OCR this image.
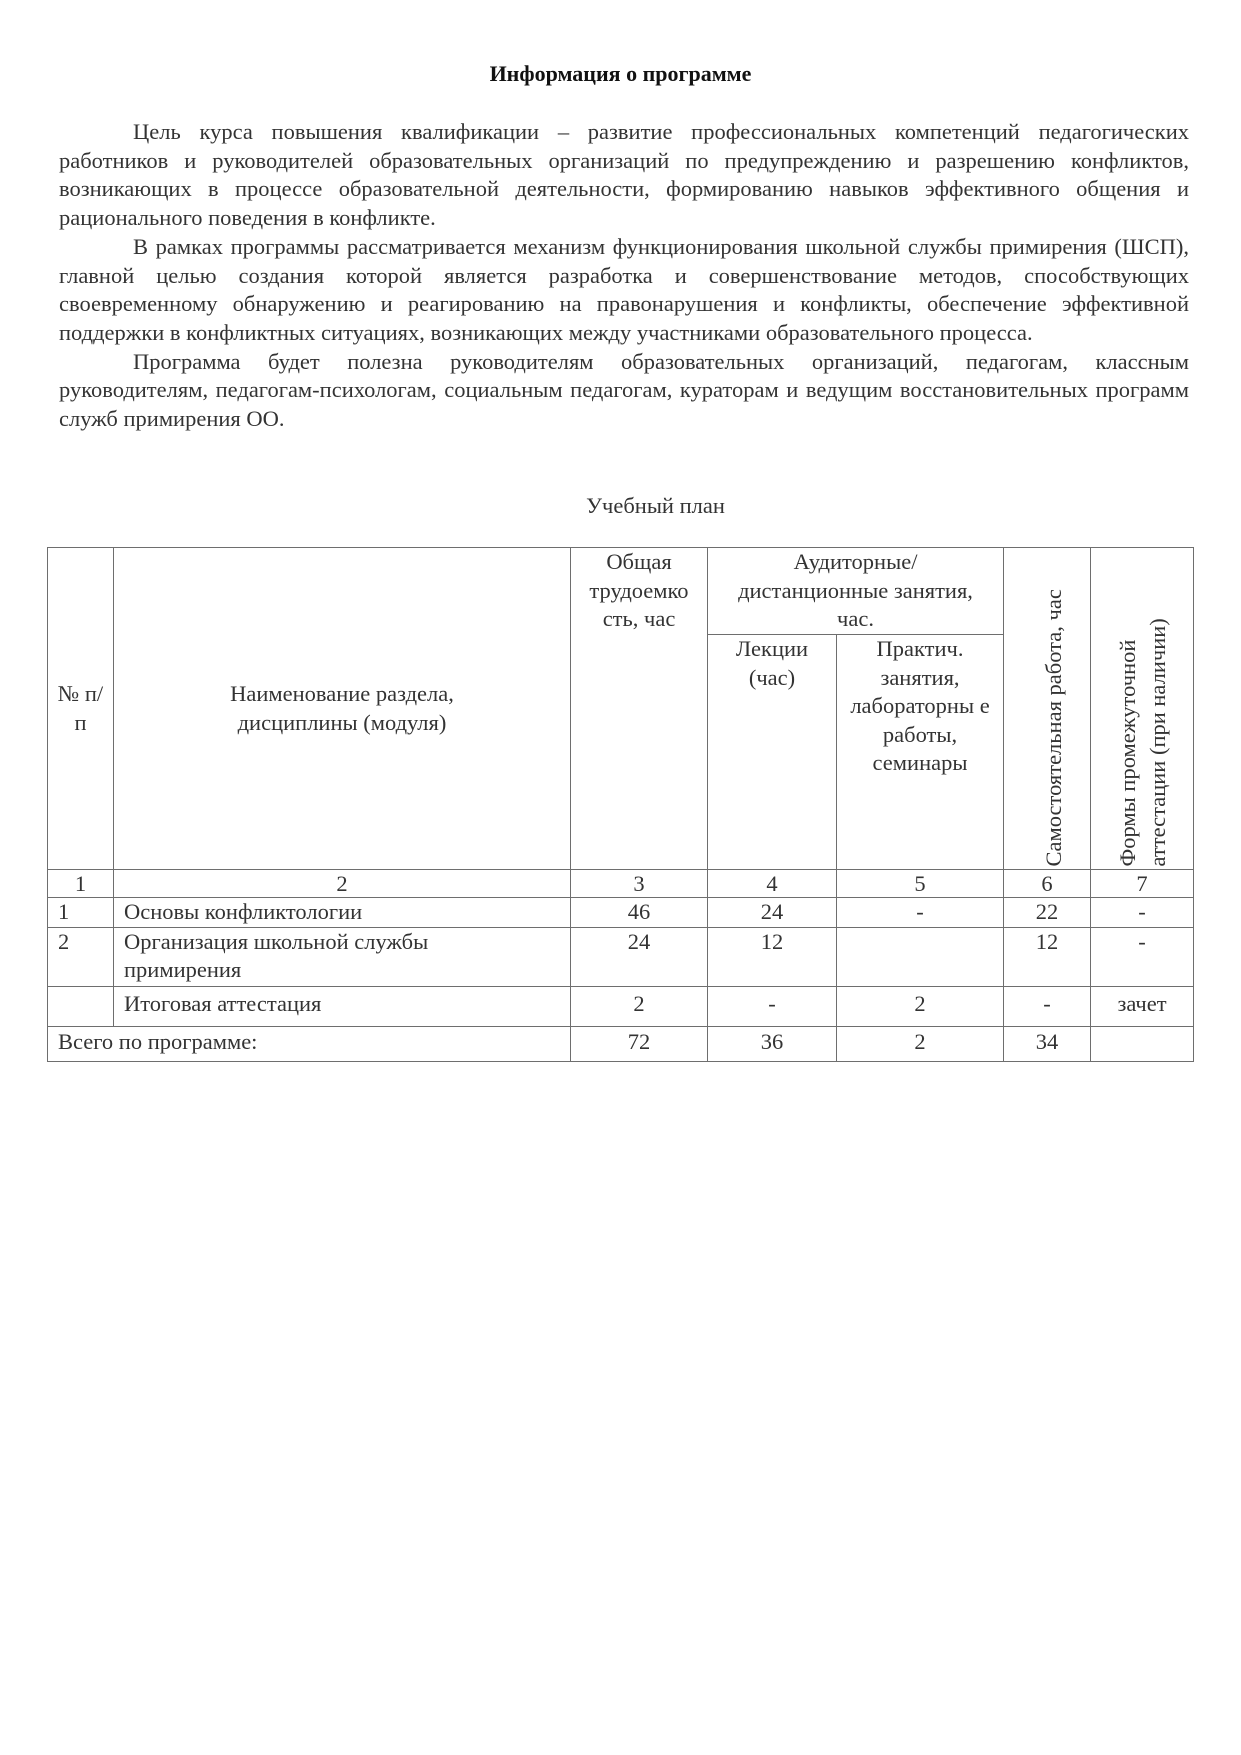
Информация о программе

Цель курса повышения квалификации – развитие профессиональных компетенций педагогических работников и руководителей образовательных организаций по предупреждению и разрешению конфликтов, возникающих в процессе образовательной деятельности, формированию навыков эффективного общения и рационального поведения в конфликте.

В рамках программы рассматривается механизм функционирования школьной службы примирения (ШСП), главной целью создания которой является разработка и совершенствование методов, способствующих своевременному обнаружению и реагированию на правонарушения и конфликты, обеспечение эффективной поддержки в конфликтных ситуациях, возникающих между участниками образовательного процесса.

Программа будет полезна руководителям образовательных организаций, педагогам, классным руководителям, педагогам-психологам, социальным педагогам, кураторам и ведущим восстановительных программ служб примирения ОО.

Учебный план
№ п/п	Наименование раздела, дисциплины (модуля)	Общая трудоемко сть, час	Аудиторные/ дистанционные занятия, час.		Самостоятельная работа, час	Формы промежуточной аттестации (при наличии)

			Лекции (час)	Практич. занятия, лабораторны е работы, семинары		

1	2	3	4	5	6	7
1	Основы конфликтологии	46	24	-	22	-
2	Организация школьной службы примирения	24	12		12	-
	Итоговая аттестация	2	-	2	-	зачет
Всего по программе:		72	36	2	34	
